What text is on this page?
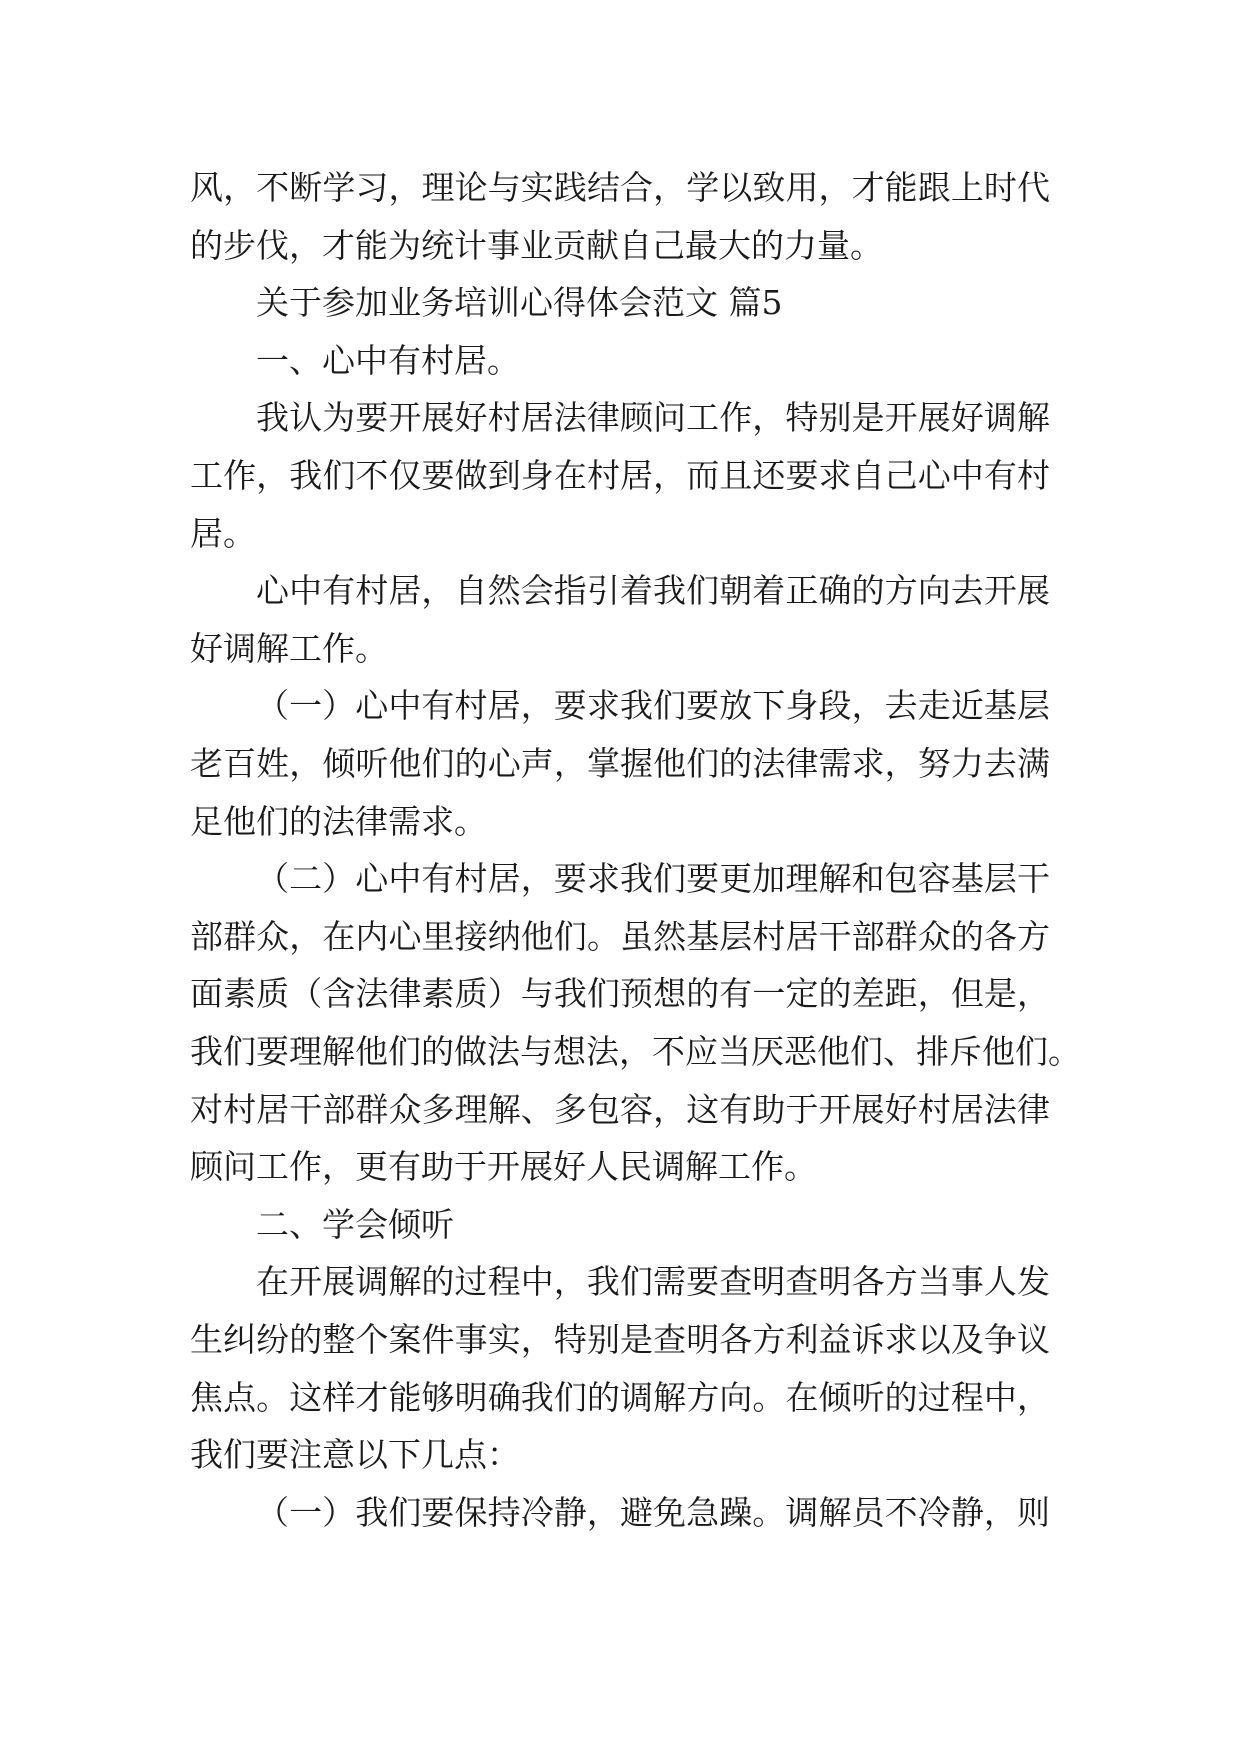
风，不断学习，理论与实践结合，学以致用，才能跟上时代
的步伐，才能为统计事业贡献自己最大的力量。
关于参加业务培训心得体会范文 篇5
一、心中有村居。
我认为要开展好村居法律顾问工作，特别是开展好调解
工作，我们不仅要做到身在村居，而且还要求自己心中有村
居。
心中有村居，自然会指引着我们朝着正确的方向去开展
好调解工作。
（一）心中有村居，要求我们要放下身段，去走近基层
老百姓，倾听他们的心声，掌握他们的法律需求，努力去满
足他们的法律需求。
（二）心中有村居，要求我们要更加理解和包容基层干
部群众，在内心里接纳他们。虽然基层村居干部群众的各方
面素质（含法律素质）与我们预想的有一定的差距，但是，
我们要理解他们的做法与想法，不应当厌恶他们、排斥他们。
对村居干部群众多理解、多包容，这有助于开展好村居法律
顾问工作，更有助于开展好人民调解工作。
二、学会倾听
在开展调解的过程中，我们需要查明查明各方当事人发
生纠纷的整个案件事实，特别是查明各方利益诉求以及争议
焦点。这样才能够明确我们的调解方向。在倾听的过程中，
我们要注意以下几点：
（一）我们要保持冷静，避免急躁。调解员不冷静，则
